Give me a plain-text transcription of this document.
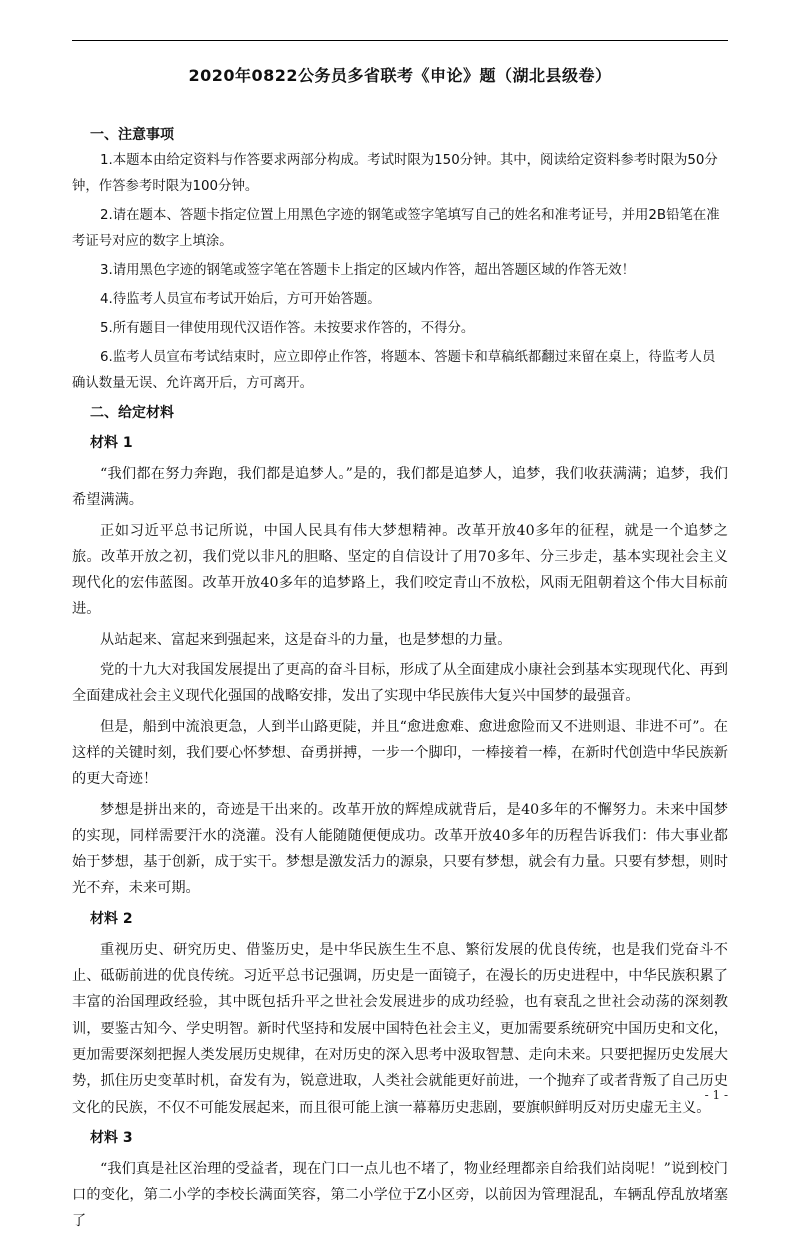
2020年0822公务员多省联考《申论》题（湖北县级卷）
一、注意事项

1.本题本由给定资料与作答要求两部分构成。考试时限为150分钟。其中，阅读给定资料参考时限为50分钟，作答参考时限为100分钟。

2.请在题本、答题卡指定位置上用黑色字迹的钢笔或签字笔填写自己的姓名和准考证号，并用2B铅笔在准考证号对应的数字上填涂。

3.请用黑色字迹的钢笔或签字笔在答题卡上指定的区域内作答，超出答题区域的作答无效！

4.待监考人员宣布考试开始后，方可开始答题。

5.所有题目一律使用现代汉语作答。未按要求作答的，不得分。

6.监考人员宣布考试结束时，应立即停止作答，将题本、答题卡和草稿纸都翻过来留在桌上，待监考人员确认数量无误、允许离开后，方可离开。

二、给定材料
材料 1

“我们都在努力奔跑，我们都是追梦人。”是的，我们都是追梦人，追梦，我们收获满满；追梦，我们希望满满。

正如习近平总书记所说，中国人民具有伟大梦想精神。改革开放40多年的征程，就是一个追梦之旅。改革开放之初，我们党以非凡的胆略、坚定的自信设计了用70多年、分三步走，基本实现社会主义现代化的宏伟蓝图。改革开放40多年的追梦路上，我们咬定青山不放松，风雨无阻朝着这个伟大目标前进。

从站起来、富起来到强起来，这是奋斗的力量，也是梦想的力量。

党的十九大对我国发展提出了更高的奋斗目标，形成了从全面建成小康社会到基本实现现代化、再到全面建成社会主义现代化强国的战略安排，发出了实现中华民族伟大复兴中国梦的最强音。

但是，船到中流浪更急，人到半山路更陡，并且“愈进愈难、愈进愈险而又不进则退、非进不可”。在这样的关键时刻，我们要心怀梦想、奋勇拼搏，一步一个脚印，一棒接着一棒，在新时代创造中华民族新的更大奇迹！

梦想是拼出来的，奇迹是干出来的。改革开放的辉煌成就背后，是40多年的不懈努力。未来中国梦的实现，同样需要汗水的浇灌。没有人能随随便便成功。改革开放40多年的历程告诉我们：伟大事业都始于梦想，基于创新，成于实干。梦想是激发活力的源泉，只要有梦想，就会有力量。只要有梦想，则时光不弃，未来可期。

材料 2

重视历史、研究历史、借鉴历史，是中华民族生生不息、繁衍发展的优良传统，也是我们党奋斗不止、砥砺前进的优良传统。习近平总书记强调，历史是一面镜子，在漫长的历史进程中，中华民族积累了丰富的治国理政经验，其中既包括升平之世社会发展进步的成功经验，也有衰乱之世社会动荡的深刻教训，要鉴古知今、学史明智。新时代坚持和发展中国特色社会主义，更加需要系统研究中国历史和文化，更加需要深刻把握人类发展历史规律，在对历史的深入思考中汲取智慧、走向未来。只要把握历史发展大势，抓住历史变革时机，奋发有为，锐意进取，人类社会就能更好前进，一个抛弃了或者背叛了自己历史文化的民族，不仅不可能发展起来，而且很可能上演一幕幕历史悲剧，要旗帜鲜明反对历史虚无主义。

材料 3

“我们真是社区治理的受益者，现在门口一点儿也不堵了，物业经理都亲自给我们站岗呢！”说到校门口的变化，第二小学的李校长满面笑容，第二小学位于Z小区旁，以前因为管理混乱，车辆乱停乱放堵塞了

- 1 -
